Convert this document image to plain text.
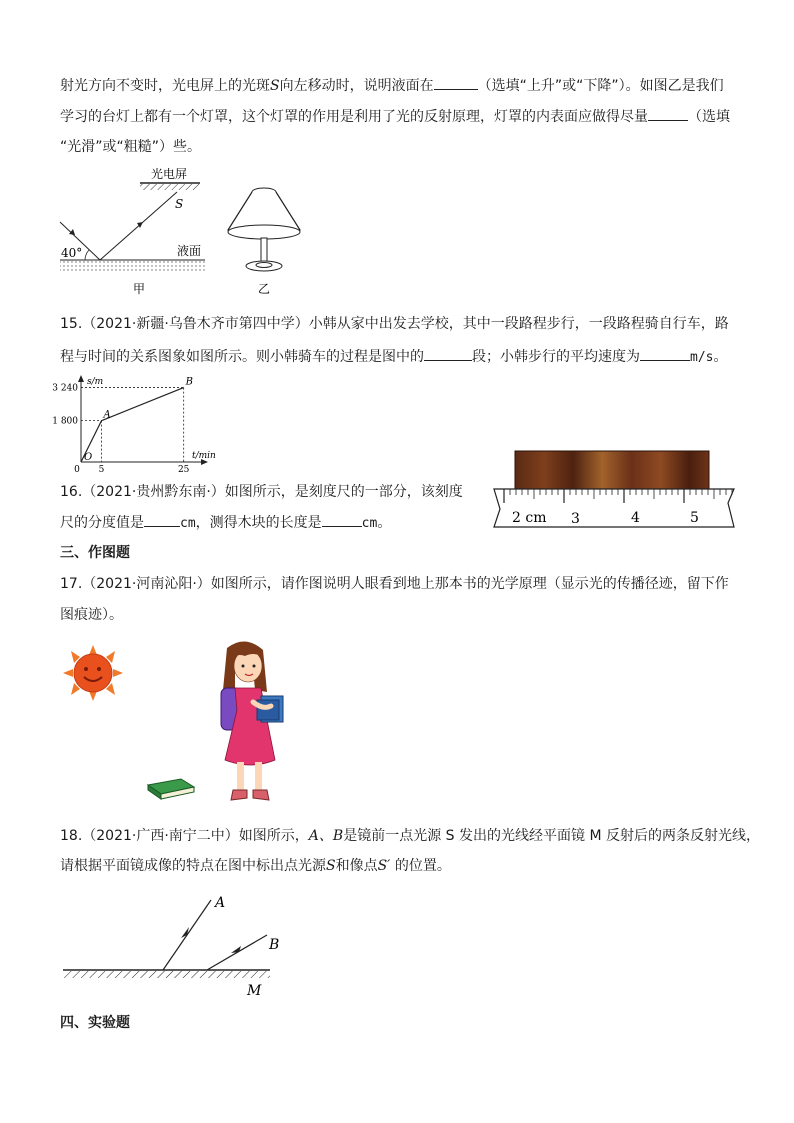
射光方向不变时，光电屏上的光斑S向左移动时，说明液面在	（选填“上升”或“下降”）。如图乙是我们
学习的台灯上都有一个灯罩，这个灯罩的作用是利用了光的反射原理，灯罩的内表面应做得尽量	（选填
“光滑”或“粗糙”）些。
光电屏
S
液面
40°
甲	乙
15.（2021·新疆·乌鲁木齐市第四中学）小韩从家中出发去学校，其中一段路程步行，一段路程骑自行车，路
程与时间的关系图象如图所示。则小韩骑车的过程是图中的	段；小韩步行的平均速度为	m/s。
s/m
t/min
O
A
B
1 800
3 240
0 5	25
16.（2021·贵州黔东南·）如图所示，是刻度尺的一部分，该刻度
尺的分度值是	cm，测得木块的长度是	cm。	2 cm 3	4	5
三、作图题
17.（2021·河南沁阳·）如图所示，请作图说明人眼看到地上那本书的光学原理（显示光的传播径迹，留下作
图痕迹）。
18.（2021·广西·南宁二中）如图所示，A、B是镜前一点光源 S 发出的光线经平面镜 M 反射后的两条反射光线，
请根据平面镜成像的特点在图中标出点光源S和像点S′ 的位置。
M
A
B
四、实验题
